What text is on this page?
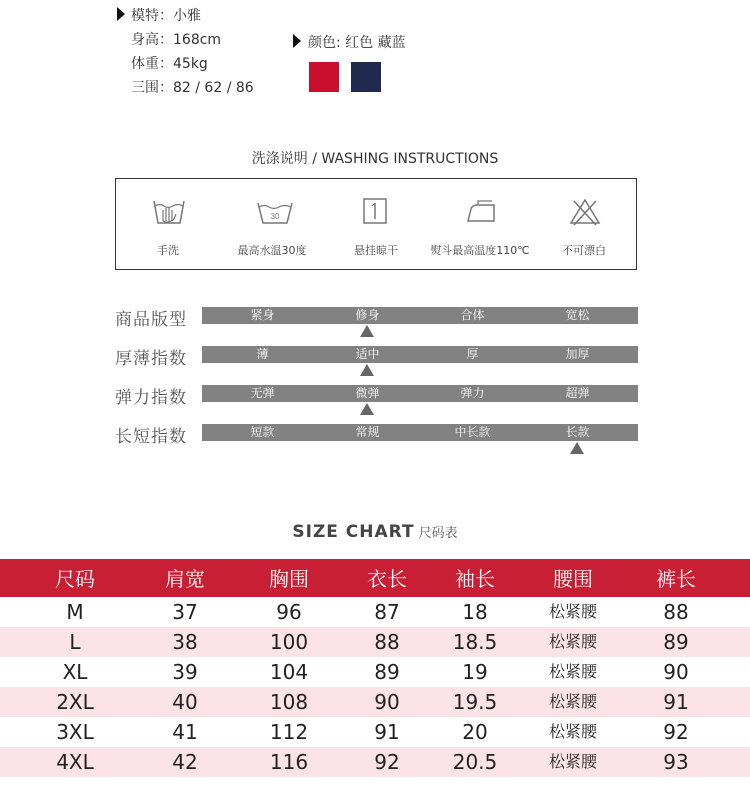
模特：小雅
身高：168cm
体重：45kg
三围：82 / 62 / 86
颜色: 红色 藏蓝
洗涤说明 / WASHING INSTRUCTIONS
手洗
30
最高水温30度	悬挂晾干	熨斗最高温度110℃	不可漂白
商品版型	紧身	修身	合体	宽松
厚薄指数	薄	适中	厚	加厚
弹力指数	无弹	微弹	弹力	超弹
长短指数	短款	常规	中长款	长款
SIZE CHART 尺码表
尺码	肩宽	胸围	衣长	袖长	腰围	裤长
M	37	96	87	18	松紧腰	88
L	38	100	88	18.5	松紧腰	89
XL	39	104	89	19	松紧腰	90
2XL	40	108	90	19.5	松紧腰	91
3XL	41	112	91	20	松紧腰	92
4XL	42	116	92	20.5	松紧腰	93
